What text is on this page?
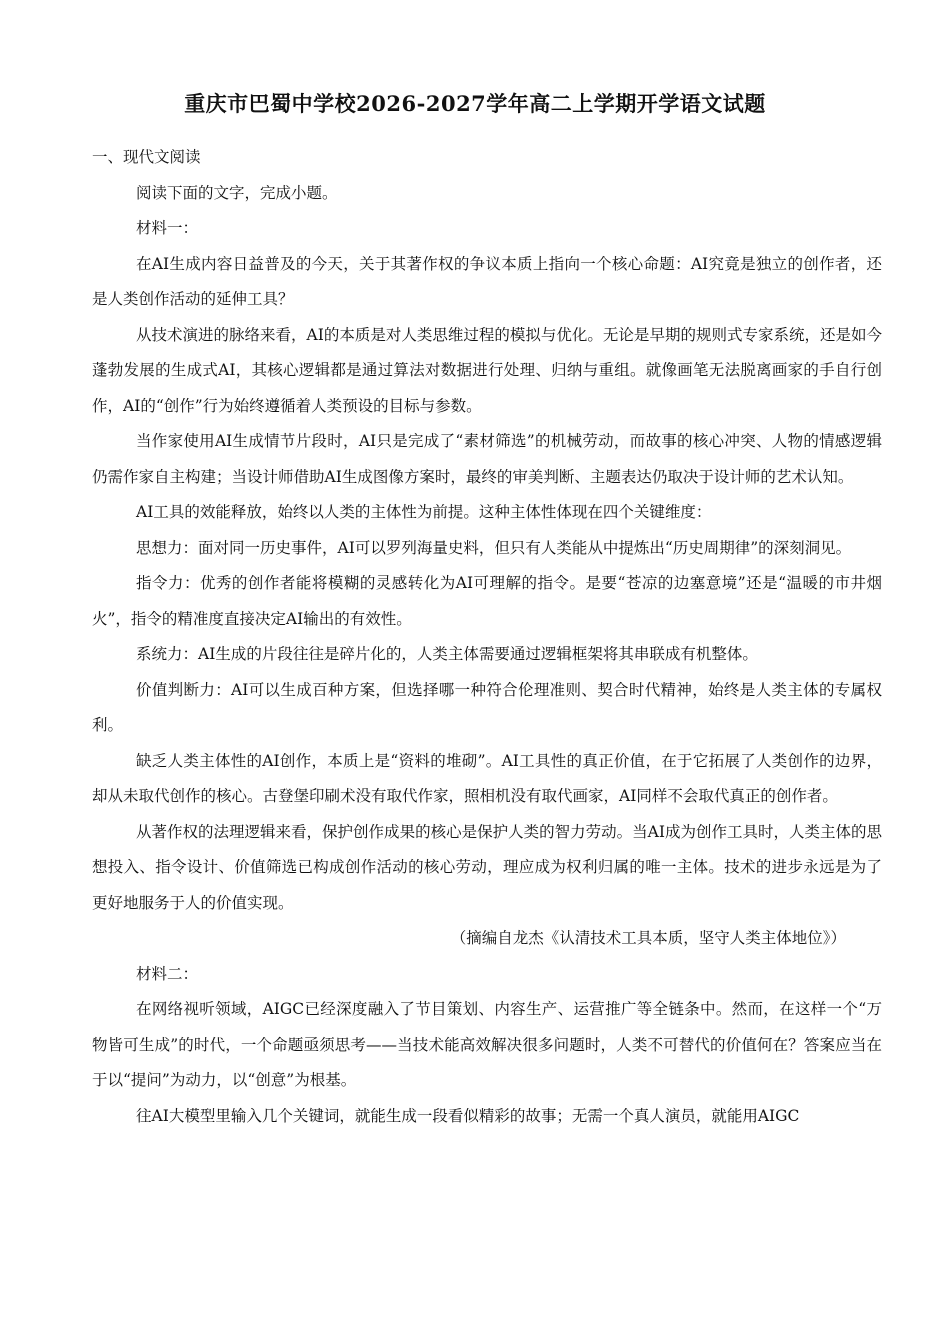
重庆市巴蜀中学校2026-2027学年高二上学期开学语文试题

一、现代文阅读

阅读下面的文字，完成小题。

材料一：

在AI生成内容日益普及的今天，关于其著作权的争议本质上指向一个核心命题：AI究竟是独立的创作者，还是人类创作活动的延伸工具？

从技术演进的脉络来看，AI的本质是对人类思维过程的模拟与优化。无论是早期的规则式专家系统，还是如今蓬勃发展的生成式AI，其核心逻辑都是通过算法对数据进行处理、归纳与重组。就像画笔无法脱离画家的手自行创作，AI的“创作”行为始终遵循着人类预设的目标与参数。

当作家使用AI生成情节片段时，AI只是完成了“素材筛选”的机械劳动，而故事的核心冲突、人物的情感逻辑仍需作家自主构建；当设计师借助AI生成图像方案时，最终的审美判断、主题表达仍取决于设计师的艺术认知。

AI工具的效能释放，始终以人类的主体性为前提。这种主体性体现在四个关键维度：

思想力：面对同一历史事件，AI可以罗列海量史料，但只有人类能从中提炼出“历史周期律”的深刻洞见。

指令力：优秀的创作者能将模糊的灵感转化为AI可理解的指令。是要“苍凉的边塞意境”还是“温暖的市井烟火”，指令的精准度直接决定AI输出的有效性。

系统力：AI生成的片段往往是碎片化的，人类主体需要通过逻辑框架将其串联成有机整体。

价值判断力：AI可以生成百种方案，但选择哪一种符合伦理准则、契合时代精神，始终是人类主体的专属权利。

缺乏人类主体性的AI创作，本质上是“资料的堆砌”。AI工具性的真正价值，在于它拓展了人类创作的边界，却从未取代创作的核心。古登堡印刷术没有取代作家，照相机没有取代画家，AI同样不会取代真正的创作者。

从著作权的法理逻辑来看，保护创作成果的核心是保护人类的智力劳动。当AI成为创作工具时，人类主体的思想投入、指令设计、价值筛选已构成创作活动的核心劳动，理应成为权利归属的唯一主体。技术的进步永远是为了更好地服务于人的价值实现。

（摘编自龙杰《认清技术工具本质，坚守人类主体地位》）

材料二：

在网络视听领域，AIGC已经深度融入了节目策划、内容生产、运营推广等全链条中。然而，在这样一个“万物皆可生成”的时代，一个命题亟须思考——当技术能高效解决很多问题时，人类不可替代的价值何在？答案应当在于以“提问”为动力，以“创意”为根基。

往AI大模型里输入几个关键词，就能生成一段看似精彩的故事；无需一个真人演员，就能用AIGC
